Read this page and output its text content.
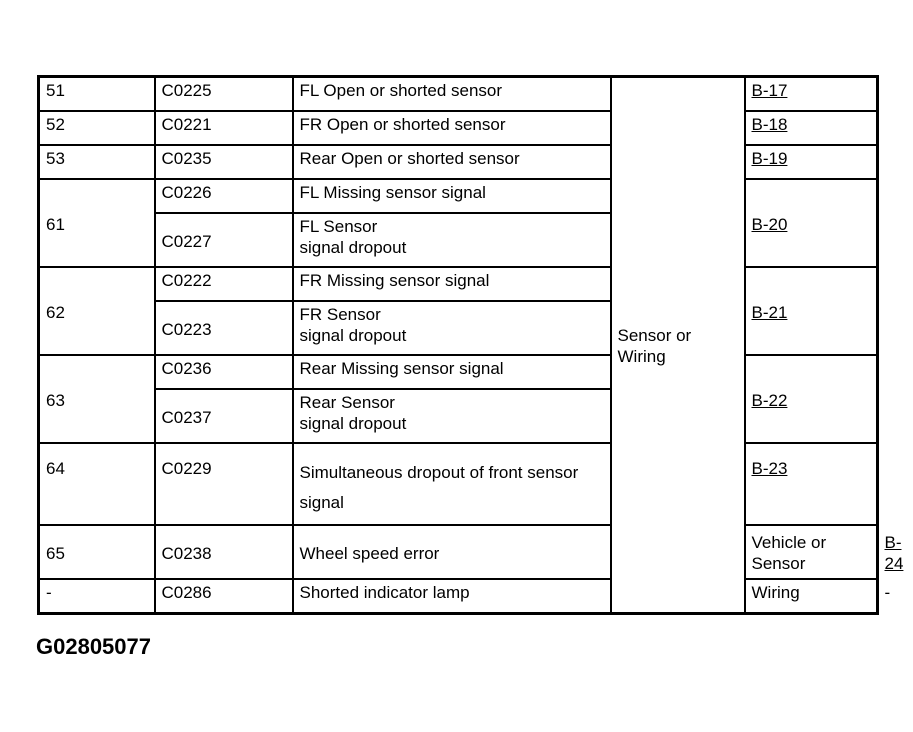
51	C0225	FL Open or shorted sensor	Sensor or
Wiring	B-17	
52	C0221	FR Open or shorted sensor		B-18	
53	C0235	Rear Open or shorted sensor		B-19	
61	C0226	FL Missing sensor signal		B-20	
	C0227	FL Sensor
signal dropout			

62	C0222	FR Missing sensor signal		B-21	
	C0223	FR Sensor
signal dropout			

63	C0236	Rear Missing sensor signal		B-22	
	C0237	Rear Sensor
signal dropout			

64	C0229	Simultaneous dropout of front sensor
signal		B-23	
65	C0238	Wheel speed error		Vehicle or
Sensor	B-24
-	C0286	Shorted indicator lamp		Wiring	-
G02805077
